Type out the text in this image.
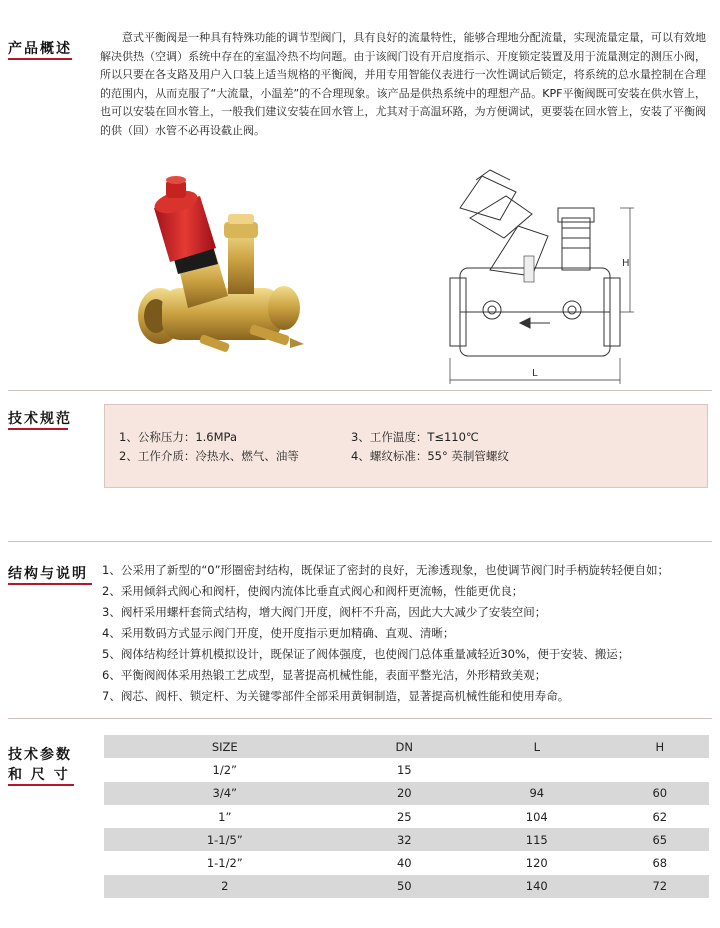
产品概述

意式平衡阀是一种具有特殊功能的调节型阀门，具有良好的流量特性，能够合理地分配流量，实现流量定量，可以有效地解决供热（空调）系统中存在的室温冷热不均问题。由于该阀门设有开启度指示、开度锁定装置及用于流量测定的测压小阀，所以只要在各支路及用户入口装上适当规格的平衡阀，并用专用智能仪表进行一次性调试后锁定，将系统的总水量控制在合理的范围内，从而克服了“大流量，小温差”的不合理现象。该产品是供热系统中的理想产品。KPF平衡阀既可安装在供水管上，也可以安装在回水管上，一般我们建议安装在回水管上，尤其对于高温环路，为方便调试，更要装在回水管上，安装了平衡阀的供（回）水管不必再设截止阀。

H
L
技术规范
1、公称压力：1.6MPa
2、工作介质：冷热水、燃气、油等
3、工作温度：T≤110℃
4、螺纹标准：55° 英制管螺纹
结构与说明 1、公采用了新型的“0”形圈密封结构，既保证了密封的良好，无渗透现象，也使调节阀门时手柄旋转轻便自如；
2、采用倾斜式阀心和阀杆，使阀内流体比垂直式阀心和阀杆更流畅，性能更优良；
3、阀杆采用螺杆套筒式结构，增大阀门开度，阀杆不升高，因此大大减少了安装空间；
4、采用数码方式显示阀门开度，使开度指示更加精确、直观、清晰；
5、阀体结构经计算机模拟设计，既保证了阀体强度，也使阀门总体重量减轻近30%，便于安装、搬运；
6、平衡阀阀体采用热锻工艺成型，显著提高机械性能，表面平整光洁，外形精致美观；
7、阀芯、阀杆、锁定杆、为关键零部件全部采用黄铜制造，显著提高机械性能和使用寿命。
技术参数
和 尺 寸
SIZE	DN	L	H
1/2”	15		
3/4”	20	94	60
1”	25	104	62
1-1/5”	32	115	65
1-1/2”	40	120	68
2	50	140	72
